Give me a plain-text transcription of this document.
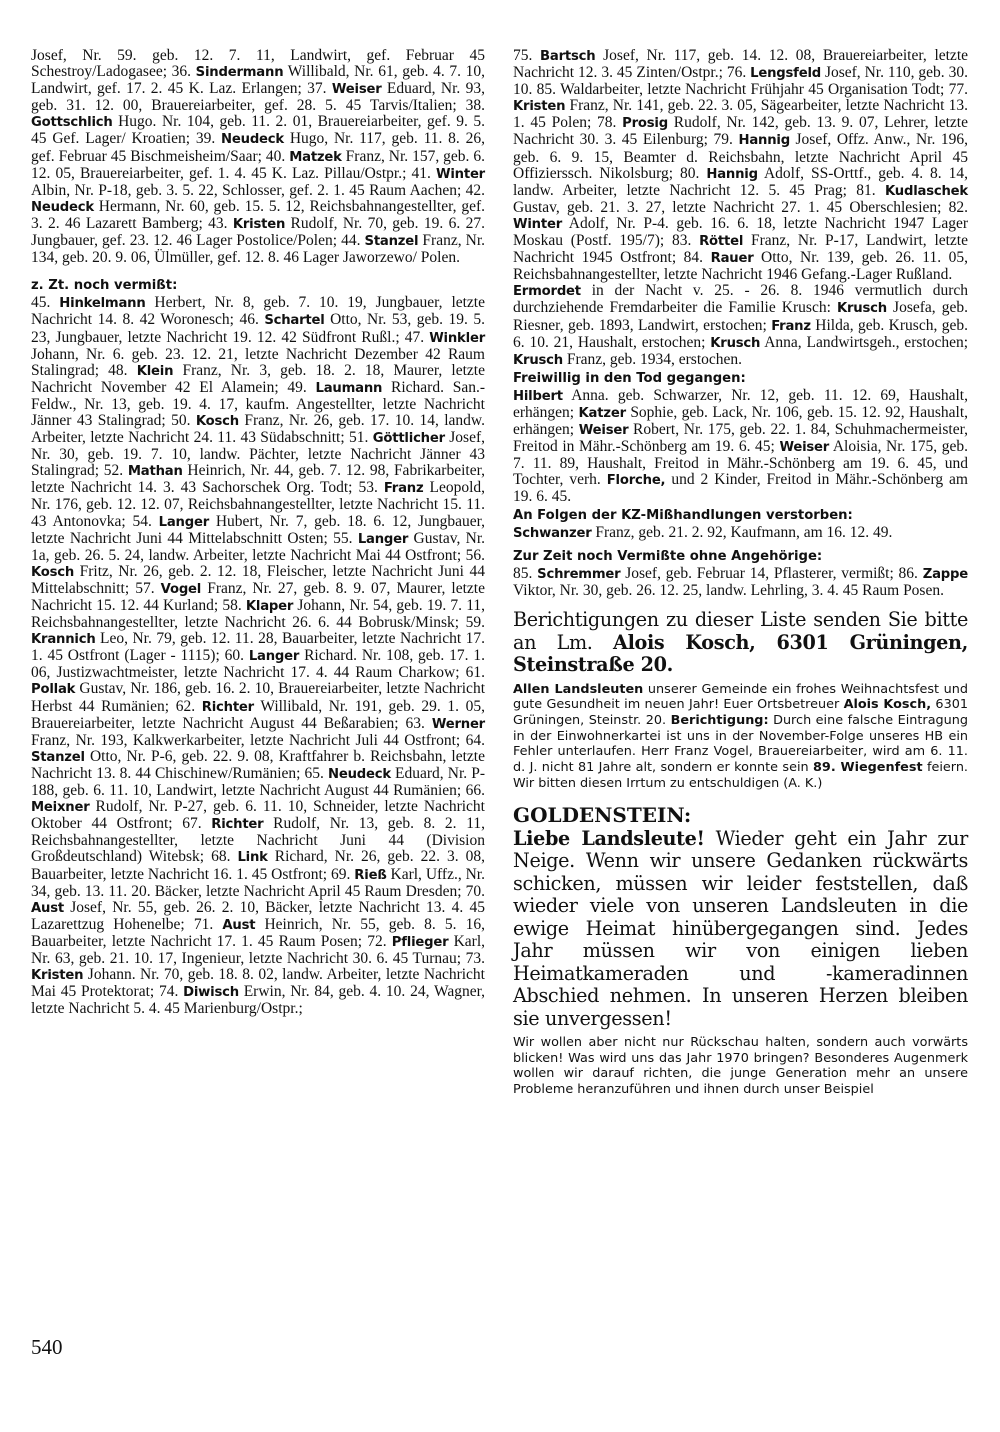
Josef, Nr. 59. geb. 12. 7. 11, Landwirt, gef. Februar 45 Schestroy/Ladogasee; 36. Sindermann Willibald, Nr. 61, geb. 4. 7. 10, Landwirt, gef. 17. 2. 45 K. Laz. Erlangen; 37. Weiser Eduard, Nr. 93, geb. 31. 12. 00, Brauereiarbeiter, gef. 28. 5. 45 Tarvis/Italien; 38. Gottschlich Hugo. Nr. 104, geb. 11. 2. 01, Brauereiarbeiter, gef. 9. 5. 45 Gef. Lager/ Kroatien; 39. Neudeck Hugo, Nr. 117, geb. 11. 8. 26, gef. Februar 45 Bischmeisheim/Saar; 40. Matzek Franz, Nr. 157, geb. 6. 12. 05, Brauereiarbeiter, gef. 1. 4. 45 K. Laz. Pillau/Ostpr.; 41. Winter Albin, Nr. P-18, geb. 3. 5. 22, Schlosser, gef. 2. 1. 45 Raum Aachen; 42. Neudeck Hermann, Nr. 60, geb. 15. 5. 12, Reichsbahnangestellter, gef. 3. 2. 46 Lazarett Bamberg; 43. Kristen Rudolf, Nr. 70, geb. 19. 6. 27. Jungbauer, gef. 23. 12. 46 Lager Postolice/Polen; 44. Stanzel Franz, Nr. 134, geb. 20. 9. 06, Ülmüller, gef. 12. 8. 46 Lager Jaworzewo/ Polen.

z. Zt. noch vermißt:

45. Hinkelmann Herbert, Nr. 8, geb. 7. 10. 19, Jungbauer, letzte Nachricht 14. 8. 42 Woronesch; 46. Schartel Otto, Nr. 53, geb. 19. 5. 23, Jungbauer, letzte Nachricht 19. 12. 42 Südfront Rußl.; 47. Winkler Johann, Nr. 6. geb. 23. 12. 21, letzte Nachricht Dezember 42 Raum Stalingrad; 48. Klein Franz, Nr. 3, geb. 18. 2. 18, Maurer, letzte Nachricht November 42 El Alamein; 49. Laumann Richard. San.-Feldw., Nr. 13, geb. 19. 4. 17, kaufm. Angestellter, letzte Nachricht Jänner 43 Stalingrad; 50. Kosch Franz, Nr. 26, geb. 17. 10. 14, landw. Arbeiter, letzte Nachricht 24. 11. 43 Südabschnitt; 51. Göttlicher Josef, Nr. 30, geb. 19. 7. 10, landw. Pächter, letzte Nachricht Jänner 43 Stalingrad; 52. Mathan Heinrich, Nr. 44, geb. 7. 12. 98, Fabrikarbeiter, letzte Nachricht 14. 3. 43 Sachorschek Org. Todt; 53. Franz Leopold, Nr. 176, geb. 12. 12. 07, Reichsbahnangestellter, letzte Nachricht 15. 11. 43 Antonovka; 54. Langer Hubert, Nr. 7, geb. 18. 6. 12, Jungbauer, letzte Nachricht Juni 44 Mittelabschnitt Osten; 55. Langer Gustav, Nr. 1a, geb. 26. 5. 24, landw. Arbeiter, letzte Nachricht Mai 44 Ostfront; 56. Kosch Fritz, Nr. 26, geb. 2. 12. 18, Fleischer, letzte Nachricht Juni 44 Mittelabschnitt; 57. Vogel Franz, Nr. 27, geb. 8. 9. 07, Maurer, letzte Nachricht 15. 12. 44 Kurland; 58. Klaper Johann, Nr. 54, geb. 19. 7. 11, Reichsbahnangestellter, letzte Nachricht 26. 6. 44 Bobrusk/Minsk; 59. Krannich Leo, Nr. 79, geb. 12. 11. 28, Bauarbeiter, letzte Nachricht 17. 1. 45 Ostfront (Lager - 1115); 60. Langer Richard. Nr. 108, geb. 17. 1. 06, Justizwachtmeister, letzte Nachricht 17. 4. 44 Raum Charkow; 61. Pollak Gustav, Nr. 186, geb. 16. 2. 10, Brauereiarbeiter, letzte Nachricht Herbst 44 Rumänien; 62. Richter Willibald, Nr. 191, geb. 29. 1. 05, Brauereiarbeiter, letzte Nachricht August 44 Beßarabien; 63. Werner Franz, Nr. 193, Kalkwerkarbeiter, letzte Nachricht Juli 44 Ostfront; 64. Stanzel Otto, Nr. P-6, geb. 22. 9. 08, Kraftfahrer b. Reichsbahn, letzte Nachricht 13. 8. 44 Chischinew/Rumänien; 65. Neudeck Eduard, Nr. P-188, geb. 6. 11. 10, Landwirt, letzte Nachricht August 44 Rumänien; 66. Meixner Rudolf, Nr. P-27, geb. 6. 11. 10, Schneider, letzte Nachricht Oktober 44 Ostfront; 67. Richter Rudolf, Nr. 13, geb. 8. 2. 11, Reichsbahnangestellter, letzte Nachricht Juni 44 (Division Großdeutschland) Witebsk; 68. Link Richard, Nr. 26, geb. 22. 3. 08, Bauarbeiter, letzte Nachricht 16. 1. 45 Ostfront; 69. Rieß Karl, Uffz., Nr. 34, geb. 13. 11. 20. Bäcker, letzte Nachricht April 45 Raum Dresden; 70. Aust Josef, Nr. 55, geb. 26. 2. 10, Bäcker, letzte Nachricht 13. 4. 45 Lazarettzug Hohenelbe; 71. Aust Heinrich, Nr. 55, geb. 8. 5. 16, Bauarbeiter, letzte Nachricht 17. 1. 45 Raum Posen; 72. Pflieger Karl, Nr. 63, geb. 21. 10. 17, Ingenieur, letzte Nachricht 30. 6. 45 Turnau; 73. Kristen Johann. Nr. 70, geb. 18. 8. 02, landw. Arbeiter, letzte Nachricht Mai 45 Protektorat; 74. Diwisch Erwin, Nr. 84, geb. 4. 10. 24, Wagner, letzte Nachricht 5. 4. 45 Marienburg/Ostpr.;

75. Bartsch Josef, Nr. 117, geb. 14. 12. 08, Brauereiarbeiter, letzte Nachricht 12. 3. 45 Zinten/Ostpr.; 76. Lengsfeld Josef, Nr. 110, geb. 30. 10. 85. Waldarbeiter, letzte Nachricht Frühjahr 45 Organisation Todt; 77. Kristen Franz, Nr. 141, geb. 22. 3. 05, Sägearbeiter, letzte Nachricht 13. 1. 45 Polen; 78. Prosig Rudolf, Nr. 142, geb. 13. 9. 07, Lehrer, letzte Nachricht 30. 3. 45 Eilenburg; 79. Hannig Josef, Offz. Anw., Nr. 196, geb. 6. 9. 15, Beamter d. Reichsbahn, letzte Nachricht April 45 Offizierssch. Nikolsburg; 80. Hannig Adolf, SS-Orttf., geb. 4. 8. 14, landw. Arbeiter, letzte Nachricht 12. 5. 45 Prag; 81. Kudlaschek Gustav, geb. 21. 3. 27, letzte Nachricht 27. 1. 45 Oberschlesien; 82. Winter Adolf, Nr. P-4. geb. 16. 6. 18, letzte Nachricht 1947 Lager Moskau (Postf. 195/7); 83. Röttel Franz, Nr. P-17, Landwirt, letzte Nachricht 1945 Ostfront; 84. Rauer Otto, Nr. 139, geb. 26. 11. 05, Reichsbahnangestellter, letzte Nachricht 1946 Gefang.-Lager Rußland.

Ermordet in der Nacht v. 25. - 26. 8. 1946 vermutlich durch durchziehende Fremdarbeiter die Familie Krusch: Krusch Josefa, geb. Riesner, geb. 1893, Landwirt, erstochen; Franz Hilda, geb. Krusch, geb. 6. 10. 21, Haushalt, erstochen; Krusch Anna, Landwirtsgeh., erstochen; Krusch Franz, geb. 1934, erstochen.

Freiwillig in den Tod gegangen:

Hilbert Anna. geb. Schwarzer, Nr. 12, geb. 11. 12. 69, Haushalt, erhängen; Katzer Sophie, geb. Lack, Nr. 106, geb. 15. 12. 92, Haushalt, erhängen; Weiser Robert, Nr. 175, geb. 22. 1. 84, Schuhmachermeister, Freitod in Mähr.-Schönberg am 19. 6. 45; Weiser Aloisia, Nr. 175, geb. 7. 11. 89, Haushalt, Freitod in Mähr.-Schönberg am 19. 6. 45, und Tochter, verh. Florche, und 2 Kinder, Freitod in Mähr.-Schönberg am 19. 6. 45.

An Folgen der KZ-Mißhandlungen verstorben:

Schwanzer Franz, geb. 21. 2. 92, Kaufmann, am 16. 12. 49.

Zur Zeit noch Vermißte ohne Angehörige:

85. Schremmer Josef, geb. Februar 14, Pflasterer, vermißt; 86. Zappe Viktor, Nr. 30, geb. 26. 12. 25, landw. Lehrling, 3. 4. 45 Raum Posen.

Berichtigungen zu dieser Liste senden Sie bitte an Lm. Alois Kosch, 6301 Grüningen, Steinstraße 20.

Allen Landsleuten unserer Gemeinde ein frohes Weihnachtsfest und gute Gesundheit im neuen Jahr! Euer Ortsbetreuer Alois Kosch, 6301 Grüningen, Steinstr. 20. Berichtigung: Durch eine falsche Eintragung in der Einwohnerkartei ist uns in der November-Folge unseres HB ein Fehler unterlaufen. Herr Franz Vogel, Brauereiarbeiter, wird am 6. 11. d. J. nicht 81 Jahre alt, sondern er konnte sein 89. Wiegenfest feiern. Wir bitten diesen Irrtum zu entschuldigen (A. K.)

GOLDENSTEIN:

Liebe Landsleute! Wieder geht ein Jahr zur Neige. Wenn wir unsere Gedanken rückwärts schicken, müssen wir leider feststellen, daß wieder viele von unseren Landsleuten in die ewige Heimat hinübergegangen sind. Jedes Jahr müssen wir von einigen lieben Heimatkameraden und -kameradinnen Abschied nehmen. In unseren Herzen bleiben sie unvergessen!

Wir wollen aber nicht nur Rückschau halten, sondern auch vorwärts blicken! Was wird uns das Jahr 1970 bringen? Besonderes Augenmerk wollen wir darauf richten, die junge Generation mehr an unsere Probleme heranzuführen und ihnen durch unser Beispiel

540
